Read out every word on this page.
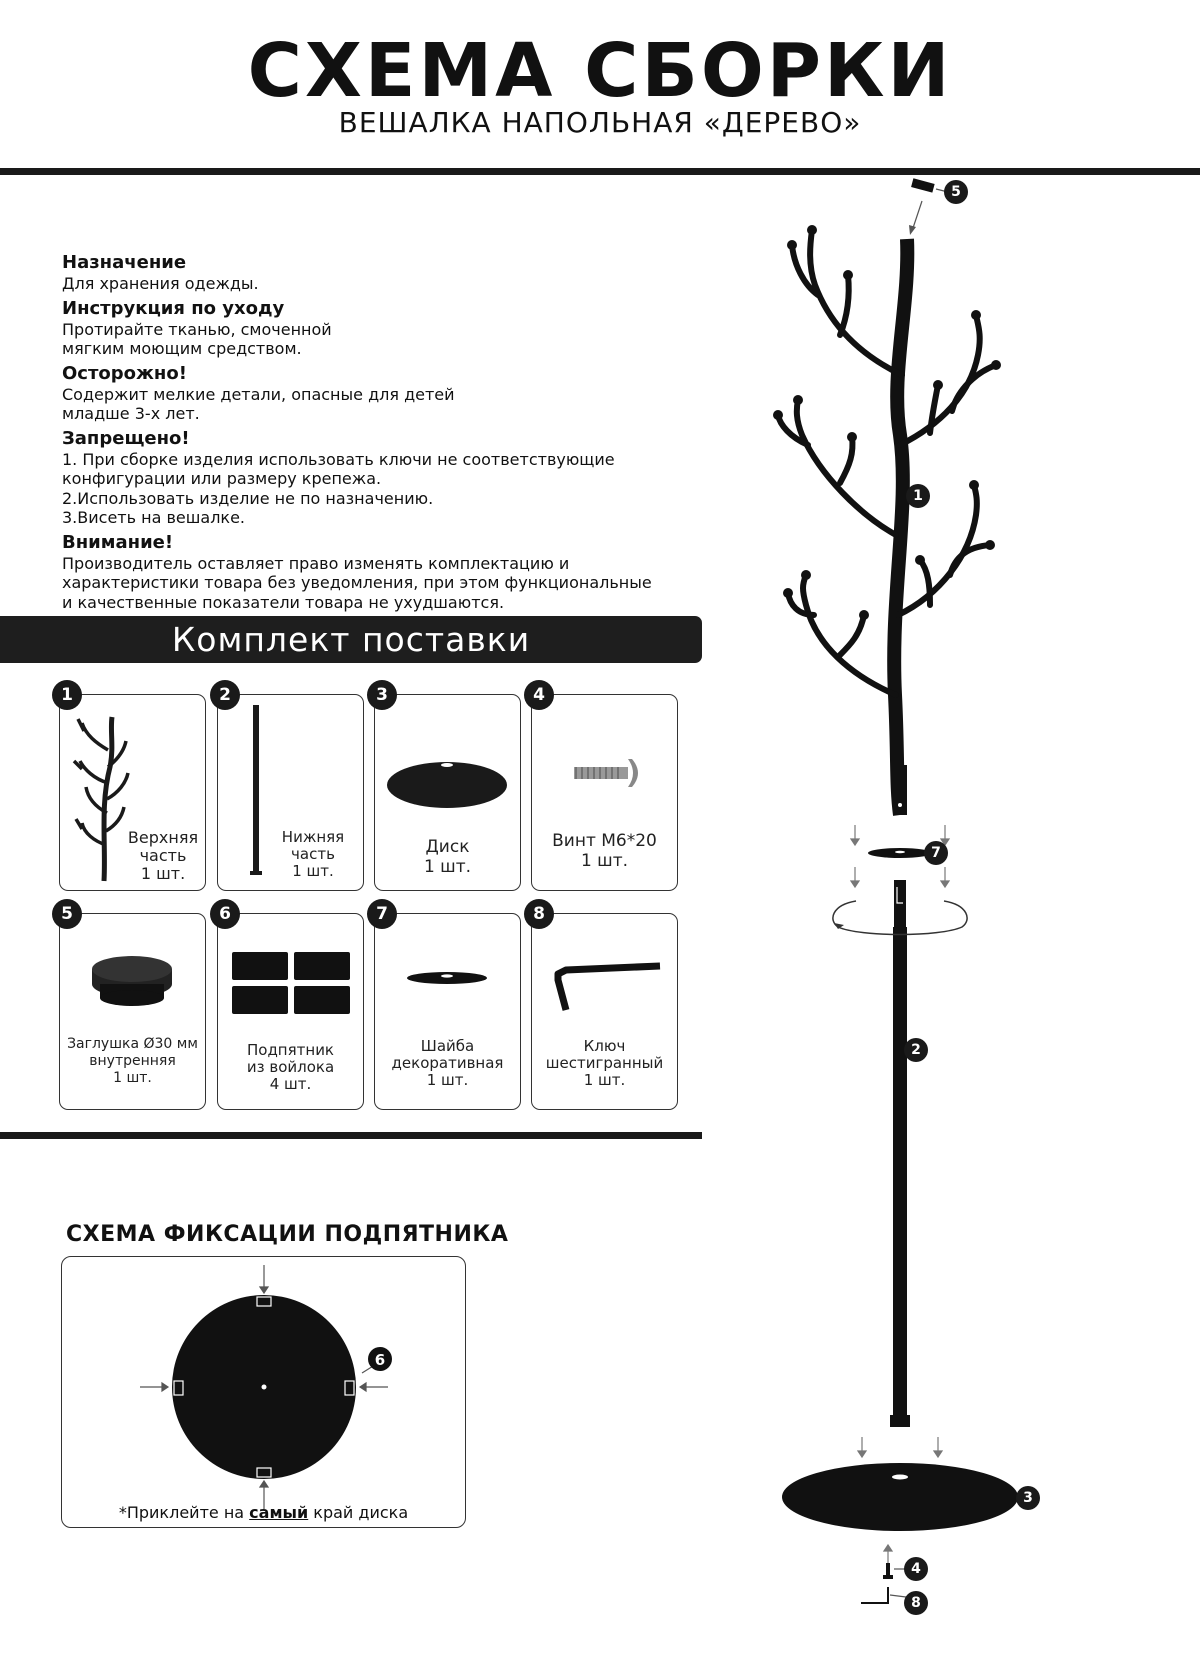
СХЕМА СБОРКИ
ВЕШАЛКА НАПОЛЬНАЯ «ДЕРЕВО»
Назначение
Для хранения одежды.
Инструкция по уходу
Протирайте тканью, смоченной
мягким моющим средством.
Осторожно!
Содержит мелкие детали, опасные для детей
младше 3-х лет.
Запрещено!
1. При сборке изделия использовать ключи не соответствующие
конфигурации или размеру крепежа.
2.Использовать изделие не по назначению.
3.Висеть на вешалке.
Внимание!
Производитель оставляет право изменять комплектацию и
характеристики товара без уведомления, при этом функциональные
и качественные показатели товара не ухудшаются.
Комплект поставки
Верхняя
часть
1 шт.
1
Нижняя
часть
1 шт.
2
Диск
1 шт.
3
Винт М6*20
1 шт.
4
Заглушка Ø30 мм
внутренняя
1 шт.
5
Подпятник
из войлока
4 шт.
6
Шайба
декоративная
1 шт.
7
Ключ
шестигранный
1 шт.
8
СХЕМА ФИКСАЦИИ ПОДПЯТНИКА
6
*Приклейте на самый край диска
5
1
7
2
3
4
8
